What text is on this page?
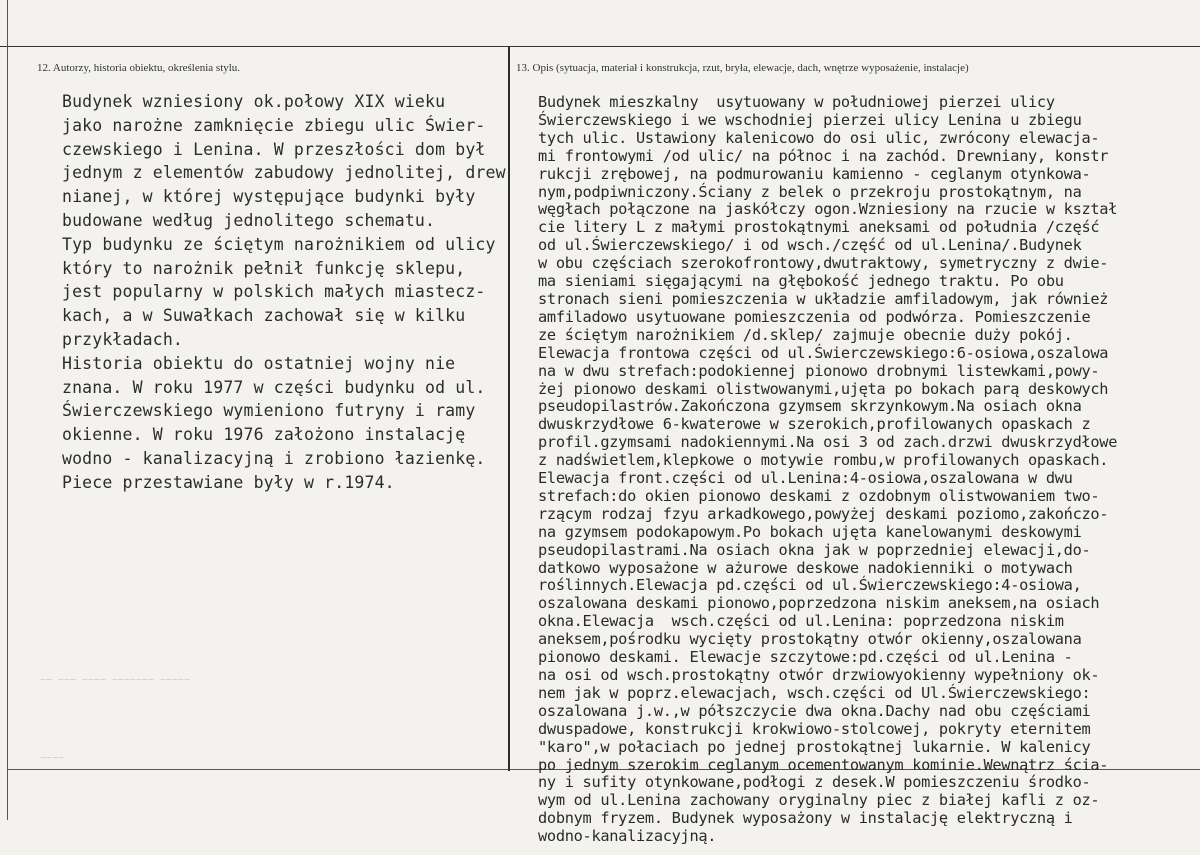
12. Autorzy, historia obiektu, określenia stylu.	13. Opis (sytuacja, materiał i konstrukcja, rzut, bryła, elewacje, dach, wnętrze wyposażenie, instalacje)
Budynek wzniesiony ok.połowy XIX wieku
jako narożne zamknięcie zbiegu ulic Świer-
czewskiego i Lenina. W przeszłości dom był
jednym z elementów zabudowy jednolitej, drew
nianej, w której występujące budynki były
budowane według jednolitego schematu.
Typ budynku ze ściętym narożnikiem od ulicy
który to narożnik pełnił funkcję sklepu,
jest popularny w polskich małych miastecz-
kach, a w Suwałkach zachował się w kilku
przykładach.
Historia obiektu do ostatniej wojny nie
znana. W roku 1977 w części budynku od ul.
Świerczewskiego wymieniono futryny i ramy
okienne. W roku 1976 założono instalację
wodno - kanalizacyjną i zrobiono łazienkę.
Piece przestawiane były w r.1974.
Budynek mieszkalny  usytuowany w południowej pierzei ulicy
Świerczewskiego i we wschodniej pierzei ulicy Lenina u zbiegu
tych ulic. Ustawiony kalenicowo do osi ulic, zwrócony elewacja-
mi frontowymi /od ulic/ na północ i na zachód. Drewniany, konstr
rukcji zrębowej, na podmurowaniu kamienno - ceglanym otynkowa-
nym,podpiwniczony.Ściany z belek o przekroju prostokątnym, na
węgłach połączone na jaskółczy ogon.Wzniesiony na rzucie w kształ
cie litery L z małymi prostokątnymi aneksami od południa /część
od ul.Świerczewskiego/ i od wsch./część od ul.Lenina/.Budynek
w obu częściach szerokofrontowy,dwutraktowy, symetryczny z dwie-
ma sieniami sięgającymi na głębokość jednego traktu. Po obu
stronach sieni pomieszczenia w układzie amfiladowym, jak również
amfiladowo usytuowane pomieszczenia od podwórza. Pomieszczenie
ze ściętym narożnikiem /d.sklep/ zajmuje obecnie duży pokój.
Elewacja frontowa części od ul.Świerczewskiego:6-osiowa,oszalowa
na w dwu strefach:podokiennej pionowo drobnymi listewkami,powy-
żej pionowo deskami olistwowanymi,ujęta po bokach parą deskowych
pseudopilastrów.Zakończona gzymsem skrzynkowym.Na osiach okna
dwuskrzydłowe 6-kwaterowe w szerokich,profilowanych opaskach z
profil.gzymsami nadokiennymi.Na osi 3 od zach.drzwi dwuskrzydłowe
z nadświetlem,klepkowe o motywie rombu,w profilowanych opaskach.
Elewacja front.części od ul.Lenina:4-osiowa,oszalowana w dwu
strefach:do okien pionowo deskami z ozdobnym olistwowaniem two-
rzącym rodzaj fzyu arkadkowego,powyżej deskami poziomo,zakończo-
na gzymsem podokapowym.Po bokach ujęta kanelowanymi deskowymi
pseudopilastrami.Na osiach okna jak w poprzedniej elewacji,do-
datkowo wyposażone w ażurowe deskowe nadokienniki o motywach
roślinnych.Elewacja pd.części od ul.Świerczewskiego:4-osiowa,
oszalowana deskami pionowo,poprzedzona niskim aneksem,na osiach
okna.Elewacja  wsch.części od ul.Lenina: poprzedzona niskim
aneksem,pośrodku wycięty prostokątny otwór okienny,oszalowana
pionowo deskami. Elewacje szczytowe:pd.części od ul.Lenina -
na osi od wsch.prostokątny otwór drzwiowyokienny wypełniony ok-
nem jak w poprz.elewacjach, wsch.części od Ul.Świerczewskiego:
oszalowana j.w.,w półszczycie dwa okna.Dachy nad obu częściami
dwuspadowe, konstrukcji krokwiowo-stolcowej, pokryty eternitem
"karo",w połaciach po jednej prostokątnej lukarnie. W kalenicy
po jednym szerokim ceglanym ocementowanym kominie.Wewnątrz ścia-
ny i sufity otynkowane,podłogi z desek.W pomieszczeniu środko-
wym od ul.Lenina zachowany oryginalny piec z białej kafli z oz-
dobnym fryzem. Budynek wyposażony w instalację elektryczną i
wodno-kanalizacyjną.
~~ ~~~ ~~~~ ~~~~~~~ ~~~~~
~~~~
